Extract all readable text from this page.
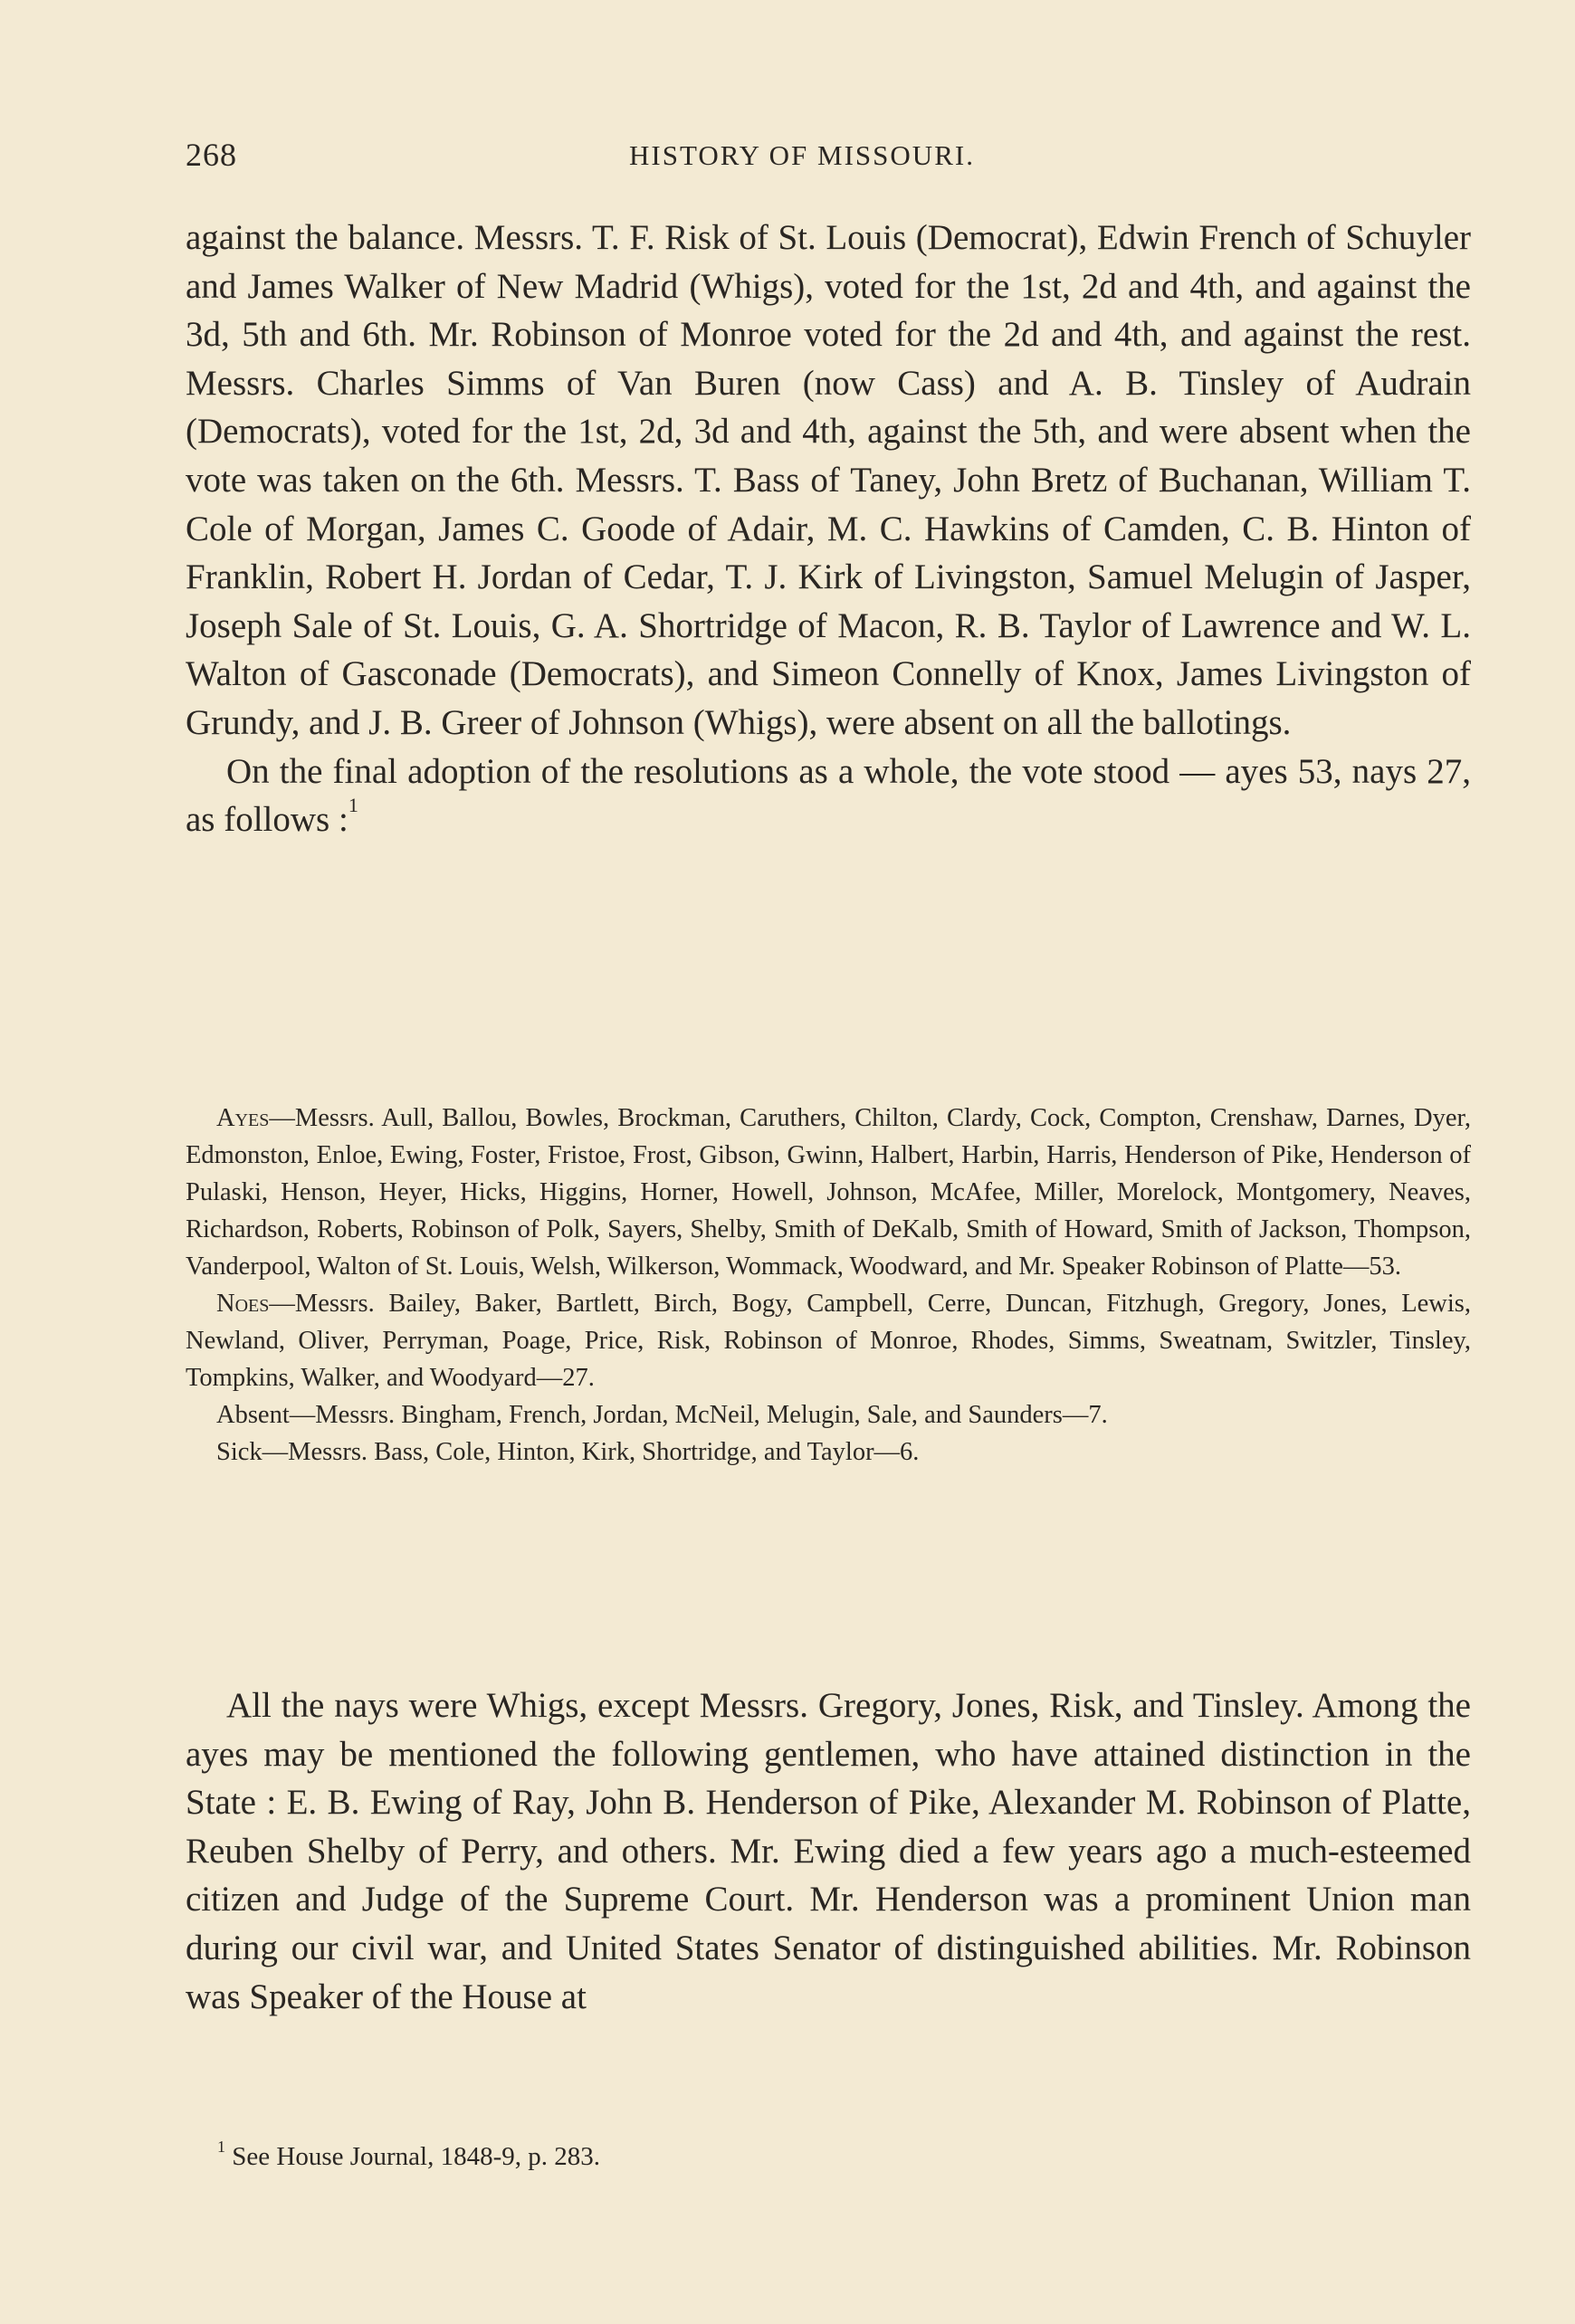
268	HISTORY OF MISSOURI.

against the balance. Messrs. T. F. Risk of St. Louis (Democrat), Edwin French of Schuyler and James Walker of New Madrid (Whigs), voted for the 1st, 2d and 4th, and against the 3d, 5th and 6th. Mr. Robinson of Monroe voted for the 2d and 4th, and against the rest. Messrs. Charles Simms of Van Buren (now Cass) and A. B. Tinsley of Audrain (Democrats), voted for the 1st, 2d, 3d and 4th, against the 5th, and were absent when the vote was taken on the 6th. Messrs. T. Bass of Taney, John Bretz of Buchanan, William T. Cole of Morgan, James C. Goode of Adair, M. C. Hawkins of Camden, C. B. Hinton of Franklin, Robert H. Jordan of Cedar, T. J. Kirk of Livingston, Samuel Melugin of Jasper, Joseph Sale of St. Louis, G. A. Shortridge of Macon, R. B. Taylor of Lawrence and W. L. Walton of Gasconade (Democrats), and Simeon Connelly of Knox, James Livingston of Grundy, and J. B. Greer of Johnson (Whigs), were absent on all the ballotings.

On the final adoption of the resolutions as a whole, the vote stood — ayes 53, nays 27, as follows :$^1$

Ayes—Messrs. Aull, Ballou, Bowles, Brockman, Caruthers, Chilton, Clardy, Cock, Compton, Crenshaw, Darnes, Dyer, Edmonston, Enloe, Ewing, Foster, Fristoe, Frost, Gibson, Gwinn, Halbert, Harbin, Harris, Henderson of Pike, Henderson of Pulaski, Henson, Heyer, Hicks, Higgins, Horner, Howell, Johnson, McAfee, Miller, Morelock, Montgomery, Neaves, Richardson, Roberts, Robinson of Polk, Sayers, Shelby, Smith of DeKalb, Smith of Howard, Smith of Jackson, Thompson, Vanderpool, Walton of St. Louis, Welsh, Wilkerson, Wommack, Woodward, and Mr. Speaker Robinson of Platte—53.

Noes—Messrs. Bailey, Baker, Bartlett, Birch, Bogy, Campbell, Cerre, Duncan, Fitzhugh, Gregory, Jones, Lewis, Newland, Oliver, Perryman, Poage, Price, Risk, Robinson of Monroe, Rhodes, Simms, Sweatnam, Switzler, Tinsley, Tompkins, Walker, and Woodyard—27.

Absent—Messrs. Bingham, French, Jordan, McNeil, Melugin, Sale, and Saunders—7.

Sick—Messrs. Bass, Cole, Hinton, Kirk, Shortridge, and Taylor—6.

All the nays were Whigs, except Messrs. Gregory, Jones, Risk, and Tinsley. Among the ayes may be mentioned the following gentlemen, who have attained distinction in the State : E. B. Ewing of Ray, John B. Henderson of Pike, Alexander M. Robinson of Platte, Reuben Shelby of Perry, and others. Mr. Ewing died a few years ago a much-esteemed citizen and Judge of the Supreme Court. Mr. Henderson was a prominent Union man during our civil war, and United States Senator of distinguished abilities. Mr. Robinson was Speaker of the House at

$^1$ See House Journal, 1848-9, p. 283.
